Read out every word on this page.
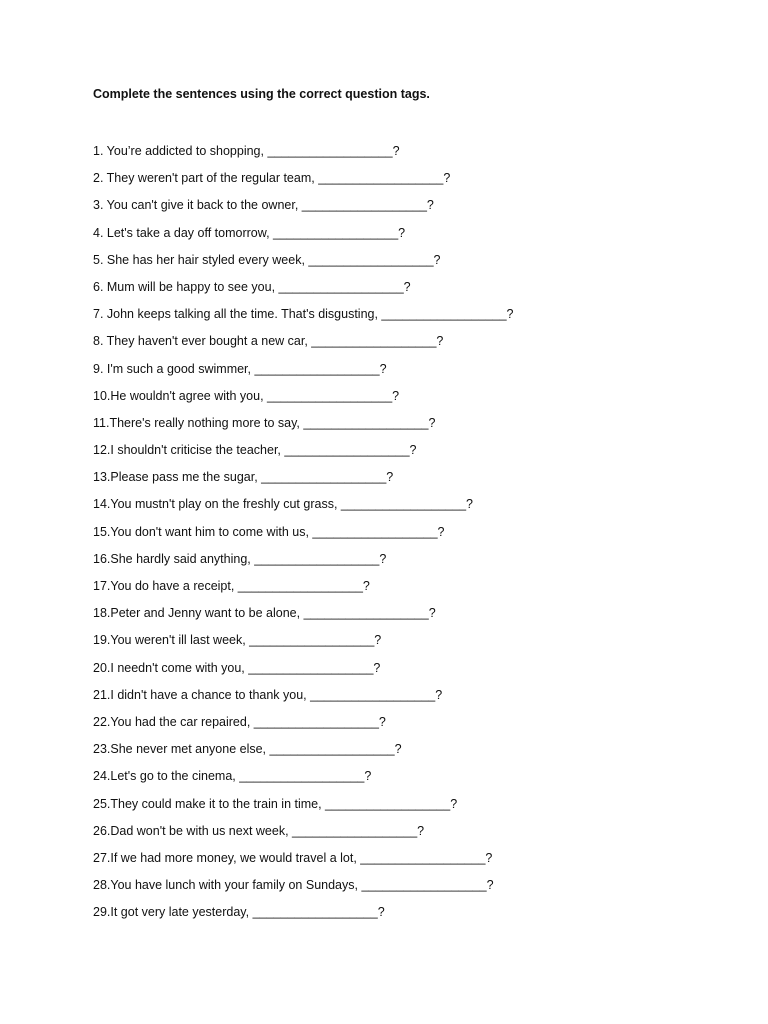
Complete the sentences using the correct question tags.
1. You’re addicted to shopping, __________________?
2. They weren't part of the regular team, __________________?
3. You can't give it back to the owner, __________________?
4. Let's take a day off tomorrow, __________________?
5. She has her hair styled every week, __________________?
6. Mum will be happy to see you, __________________?
7. John keeps talking all the time. That's disgusting, __________________?
8. They haven't ever bought a new car, __________________?
9. I'm such a good swimmer, __________________?
10.He wouldn't agree with you, __________________?
11.There's really nothing more to say, __________________?
12.I shouldn't criticise the teacher, __________________?
13.Please pass me the sugar, __________________?
14.You mustn't play on the freshly cut grass, __________________?
15.You don't want him to come with us, __________________?
16.She hardly said anything, __________________?
17.You do have a receipt, __________________?
18.Peter and Jenny want to be alone, __________________?
19.You weren't ill last week, __________________?
20.I needn't come with you, __________________?
21.I didn't have a chance to thank you, __________________?
22.You had the car repaired, __________________?
23.She never met anyone else, __________________?
24.Let's go to the cinema, __________________?
25.They could make it to the train in time, __________________?
26.Dad won't be with us next week, __________________?
27.If we had more money, we would travel a lot, __________________?
28.You have lunch with your family on Sundays, __________________?
29.It got very late yesterday, __________________?
